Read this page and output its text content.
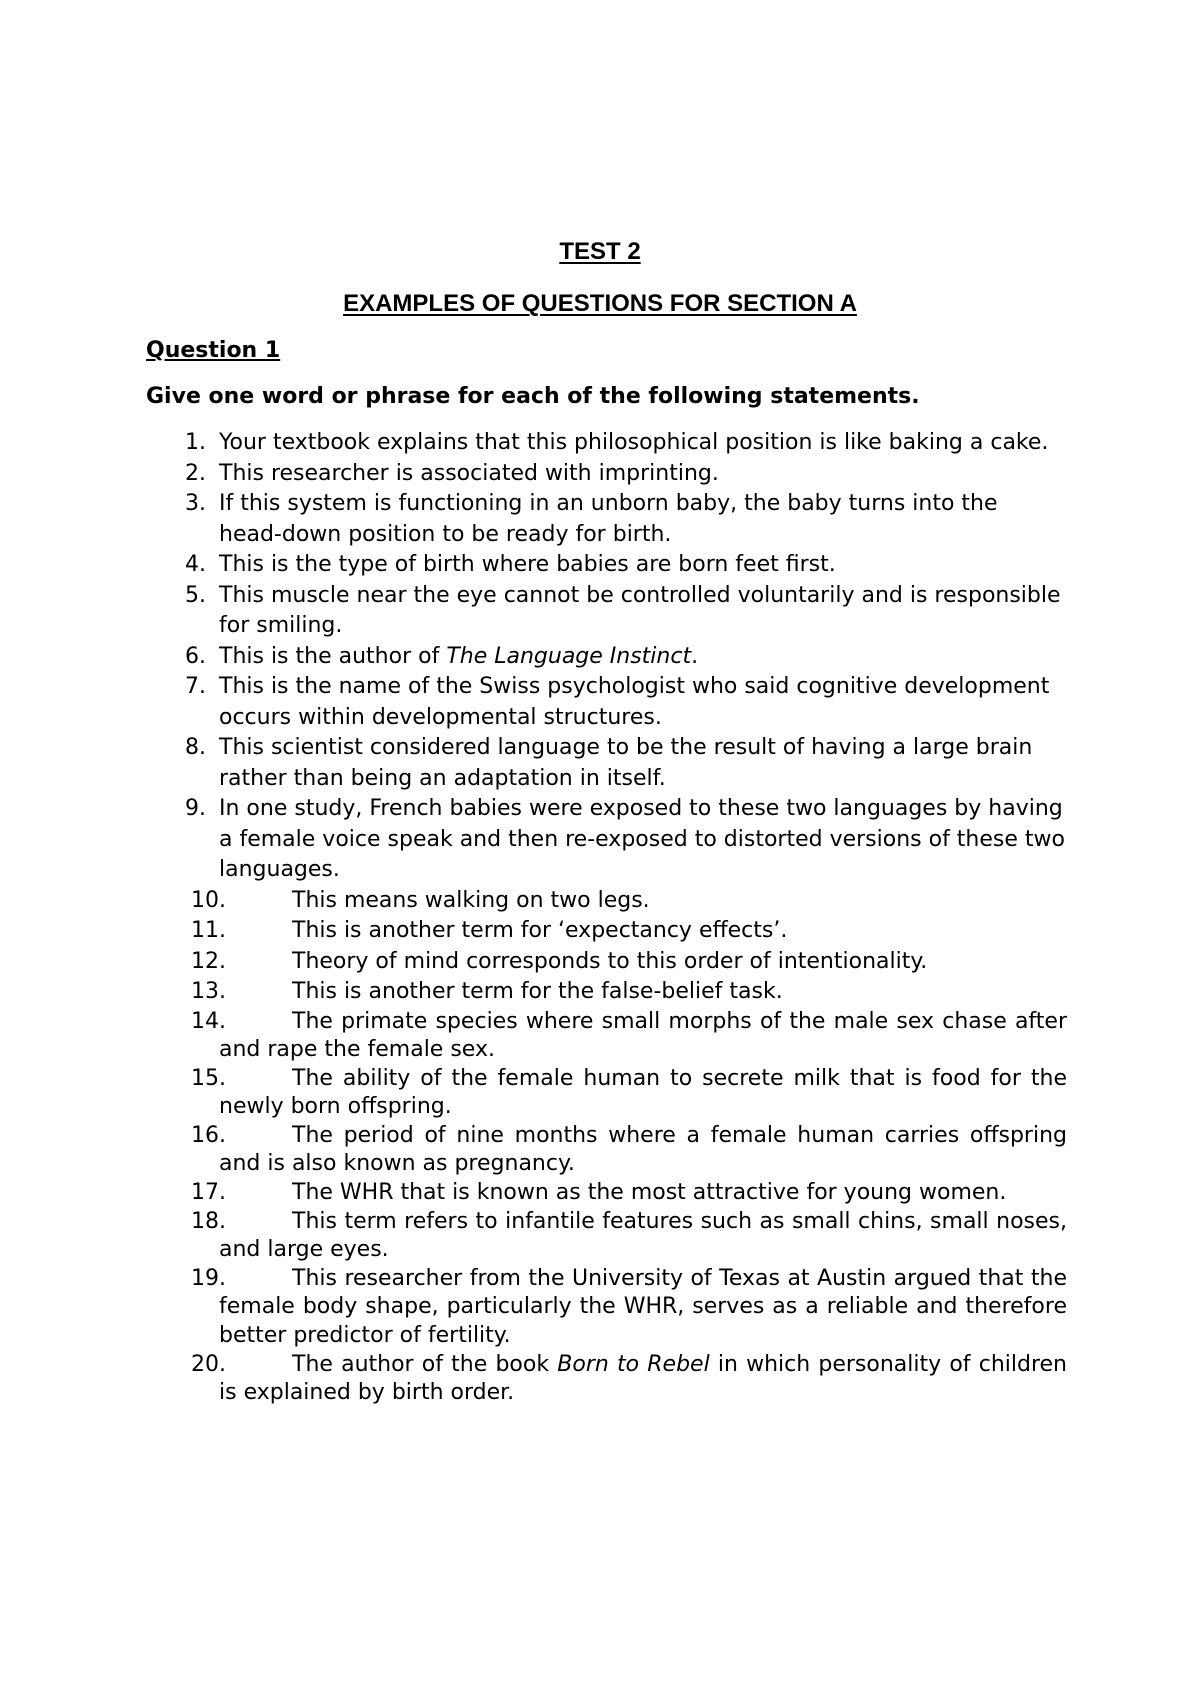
TEST 2
EXAMPLES OF QUESTIONS FOR SECTION A
Question 1
Give one word or phrase for each of the following statements.
1. Your textbook explains that this philosophical position is like baking a cake.
2. This researcher is associated with imprinting.
3. If this system is functioning in an unborn baby, the baby turns into the head-down position to be ready for birth.
4. This is the type of birth where babies are born feet first.
5. This muscle near the eye cannot be controlled voluntarily and is responsible for smiling.
6. This is the author of The Language Instinct.
7. This is the name of the Swiss psychologist who said cognitive development occurs within developmental structures.
8. This scientist considered language to be the result of having a large brain rather than being an adaptation in itself.
9. In one study, French babies were exposed to these two languages by having a female voice speak and then re-exposed to distorted versions of these two languages.
10.	This means walking on two legs.
11.	This is another term for ‘expectancy effects’.
12.	Theory of mind corresponds to this order of intentionality.
13.	This is another term for the false-belief task.
14.	The primate species where small morphs of the male sex chase after and rape the female sex.
15.	The ability of the female human to secrete milk that is food for the newly born offspring.
16.	The period of nine months where a female human carries offspring and is also known as pregnancy.
17.	The WHR that is known as the most attractive for young women.
18.	This term refers to infantile features such as small chins, small noses, and large eyes.
19.	This researcher from the University of Texas at Austin argued that the female body shape, particularly the WHR, serves as a reliable and therefore better predictor of fertility.
20.	The author of the book Born to Rebel in which personality of children is explained by birth order.
